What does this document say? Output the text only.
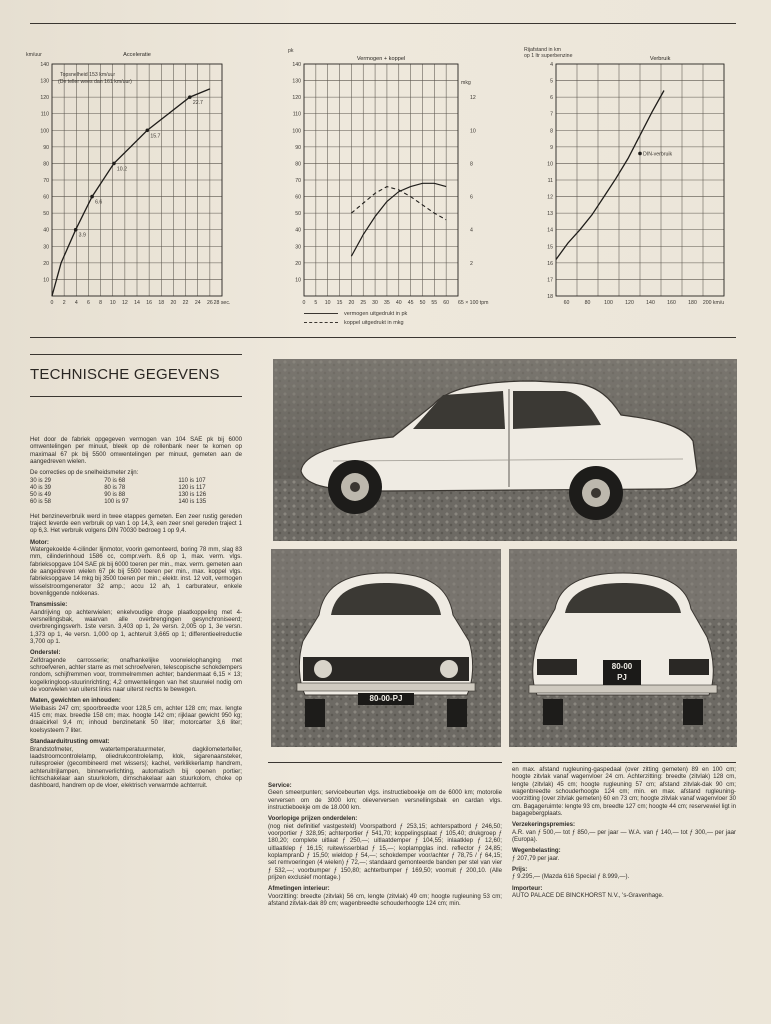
km/uur	Acceleratie
10
20
30
40
50
60
70
80
90
100
110
120
130
140
0 2 4 6 8 10 12 14 16 18 20 22 24 26 28 sec.
Topsnelheid 153 km/uur
(De teller wees dan 161 km/uur)
3.9
6.6
10.2
15.7
22.7
pk
Vermogen + koppel
10
20
30
40
50
60
70
80
90
100
110
120
130
140
2
4
6
8
10
12
mkg
0 5 10 15 20 25 30 35 40 45 50 55 60 65 × 100 tpm
vermogen uitgedrukt in pk
koppel uitgedrukt in mkg
Rijafstand in km
op 1 ltr superbenzine	Verbruik
4
5
6
7
8
9
10
11
12
13
14
15
16
17
18
60	80	100 120 140 160 180 200 km/u
DIN-verbruik
TECHNISCHE GEGEVENS

Het door de fabriek opgegeven vermogen van 104 SAE pk bij 6000 omwentelingen per minuut, bleek op de rollenbank neer te komen op maximaal 67 pk bij 5500 omwentelingen per minuut, gemeten aan de aangedreven wielen.

De correcties op de snelheidsmeter zijn:

30 is 29	70 is 68	110 is 107
40 is 39	80 is 78	120 is 117
50 is 49	90 is 88	130 is 126
60 is 58	100 is 97	140 is 135

Het benzineverbruik werd in twee etappes gemeten. Een zeer rustig gereden traject leverde een verbruik op van 1 op 14,3, een zeer snel gereden traject 1 op 6,3. Het verbruik volgens DIN 70030 bedroeg 1 op 9,4.

Motor:

Watergekoelde 4-cilinder lijnmotor, voorin gemonteerd, boring 78 mm, slag 83 mm, cilinderinhoud 1586 cc, compr.verh. 8,6 op 1, max. verm. vlgs. fabrieksopgave 104 SAE pk bij 6000 toeren per min., max. verm. gemeten aan de aangedreven wielen 67 pk bij 5500 toeren per min., max. koppel vlgs. fabrieksopgave 14 mkg bij 3500 toeren per min.; elektr. inst. 12 volt, vermogen wisselstroomgenerator 32 amp.; accu 12 ah, 1 carburateur, enkele bovenliggende nokkenas.

Transmissie:

Aandrijving op achterwielen; enkelvoudige droge plaatkoppeling met 4-versnellingsbak, waarvan alle overbrengingen gesynchroniseerd; overbrengingsverh. 1ste versn. 3,403 op 1, 2e versn. 2,005 op 1, 3e versn. 1,373 op 1, 4e versn. 1,000 op 1, achteruit 3,665 op 1; differentieelreductie 3,700 op 1.

Onderstel:

Zelfdragende carrosserie; onafhankelijke voorwielophanging met schroefveren, achter starre as met schroefveren, telescopische schokdempers rondom, schijfremmen voor, trommelremmen achter; bandenmaat 6,15 × 13; kogelkringloop-stuurinrichting; 4,2 omwentelingen van het stuurwiel nodig om de voorwielen van uiterst links naar uiterst rechts te bewegen.

Maten, gewichten en inhouden:

Wielbasis 247 cm; spoorbreedte voor 128,5 cm, achter 128 cm; max. lengte 415 cm; max. breedte 158 cm; max. hoogte 142 cm; rijklaar gewicht 950 kg; draaicirkel 9,4 m; inhoud benzinetank 50 liter; motorcarter 3,6 liter; koelsysteem 7 liter.

Standaarduitrusting omvat:

Brandstofmeter, watertemperatuurmeter, dagkilometerteller, laadstroomcontrolelamp, oliedrukcontrolelamp, klok, sigarenaansteker, ruitesproeier (gecombineerd met wissers); kachel, verklikkerlamp handrem, achteruitrijlampen, binnenverlichting, automatisch bij openen portier; lichtschakelaar aan stuurkolom, dimschakelaar aan stuurkolom, choke op dashboard, handrem op de vloer, elektrisch verwarmde achterruit.

80-00-PJ
80-00
PJ
Service:

Geen smeerpunten; servicebeurten vlgs. instructieboekje om de 6000 km; motorolie verversen om de 3000 km; olieverversen versnellingsbak en cardan vlgs. instructieboekje om de 18.000 km.

Voorlopige prijzen onderdelen:

(nog niet definitief vastgesteld) Voorspatbord ƒ 253,15; achterspatbord ƒ 246,50; voorportier ƒ 328,95; achterportier ƒ 541,70; koppelingsplaat ƒ 105,40; drukgroep ƒ 180,20; complete uitlaat ƒ 250,—; uitlaatdemper ƒ 104,55; inlaatklep ƒ 12,60; uitlaatklep ƒ 16,15; ruitewisserblad ƒ 15,—; koplampglas incl. reflector ƒ 24,85; koplampranD ƒ 15,50; wieldop ƒ 54,—; schokdemper voor/achter ƒ 78,75 / ƒ 64,15; set remvoeringen (4 wielen) ƒ 72,—; standaard gemonteerde banden per stel van vier ƒ 532,—; voorbumper ƒ 150,80; achterbumper ƒ 169,50; voorruit ƒ 200,10. (Alle prijzen exclusief montage.)

Afmetingen interieur:

Voorzitting: breedte (zitvlak) 56 cm, lengte (zitvlak) 49 cm; hoogte rugleuning 53 cm; afstand zitvlak-dak 89 cm; wagenbreedte schouderhoogte 124 cm; min.

en max. afstand rugleuning-gaspedaal (over zitting gemeten) 89 en 100 cm; hoogte zitvlak vanaf wagenvloer 24 cm. Achterzitting: breedte (zitvlak) 128 cm, lengte (zitvlak) 45 cm; hoogte rugleuning 57 cm; afstand zitvlak-dak 90 cm; wagenbreedte schouderhoogte 124 cm; min. en max. afstand rugleuning-voorzitting (over zitvlak gemeten) 60 en 73 cm; hoogte zitvlak vanaf wagenvloer 30 cm. Bagageruimte: lengte 93 cm, breedte 127 cm; hoogte 44 cm; reservewiel ligt in bagagebergplaats.

Verzekeringspremies:

A.R. van ƒ 500,— tot ƒ 850,— per jaar — W.A. van ƒ 140,— tot ƒ 300,— per jaar (Europa).

Wegenbelasting:

ƒ 207,79 per jaar.

Prijs:

ƒ 9.295,— (Mazda 616 Special ƒ 8.999,—).

Importeur:

AUTO PALACE DE BINCKHORST N.V., 's-Gravenhage.
